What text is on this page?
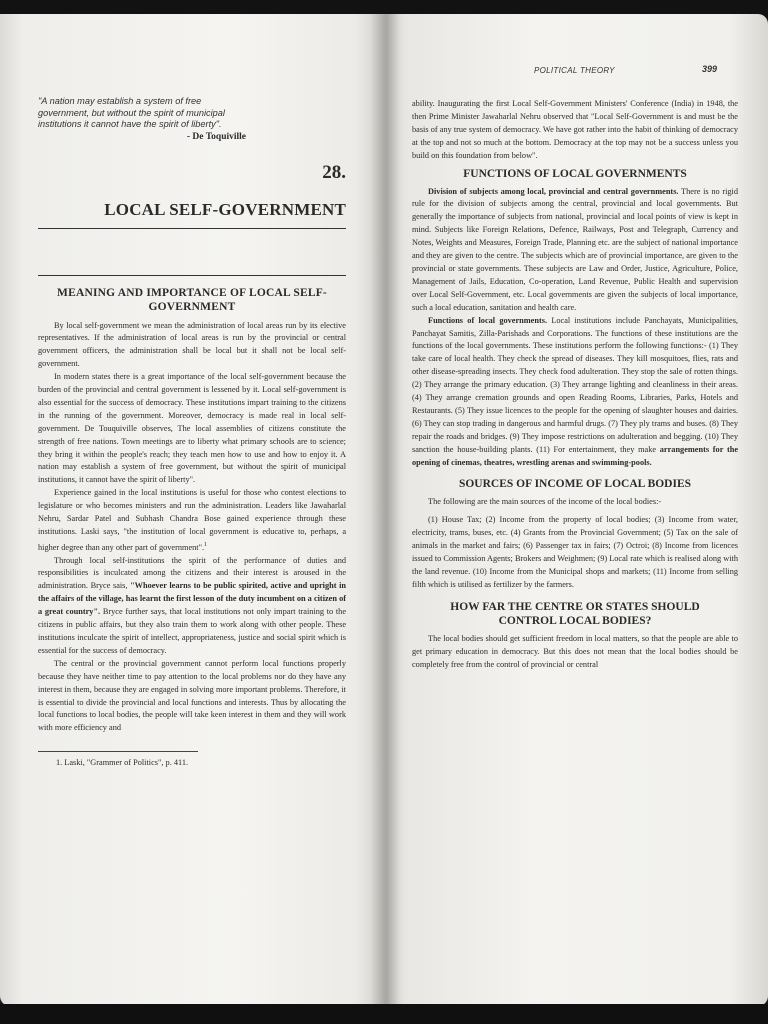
"A nation may establish a system of free government, but without the spirit of municipal institutions it cannot have the spirit of liberty".
- De Toquiville
28.
LOCAL SELF-GOVERNMENT
MEANING AND IMPORTANCE OF LOCAL SELF-GOVERNMENT

By local self-government we mean the administration of local areas run by its elective representatives. If the administration of local areas is run by the provincial or central government officers, the administration shall be local but it shall not be local self-government.

In modern states there is a great importance of the local self-government because the burden of the provincial and central government is lessened by it. Local self-government is also essential for the success of democracy. These institutions impart training to the citizens in the running of the government. Moreover, democracy is made real in local self-government. De Touquiville observes, The local assemblies of citizens constitute the strength of free nations. Town meetings are to liberty what primary schools are to science; they bring it within the people's reach; they teach men how to use and how to enjoy it. A nation may establish a system of free government, but without the spirit of municipal institutions, it cannot have the spirit of liberty".

Experience gained in the local institutions is useful for those who contest elections to legislature or who becomes ministers and run the administration. Leaders like Jawaharlal Nehru, Sardar Patel and Subhash Chandra Bose gained experience through these institutions. Laski says, "the institution of local government is educative to, perhaps, a higher degree than any other part of government".$^1$

Through local self-institutions the spirit of the performance of duties and responsibilities is inculcated among the citizens and their interest is aroused in the administration. Bryce sais, "Whoever learns to be public spirited, active and upright in the affairs of the village, has learnt the first lesson of the duty incumbent on a citizen of a great country". Bryce further says, that local institutions not only impart training to the citizens in public affairs, but they also train them to work along with other people. These institutions inculcate the spirit of intellect, appropriateness, justice and social spirit which is essential for the success of democracy.

The central or the provincial government cannot perform local functions properly because they have neither time to pay attention to the local problems nor do they have any interest in them, because they are engaged in solving more important problems. Therefore, it is essential to divide the provincial and local functions and interests. Thus by allocating the local functions to local bodies, the people will take keen interest in them and they will work with more efficiency and

1. Laski, "Grammer of Politics", p. 411.
POLITICAL THEORY	399

ability. Inaugurating the first Local Self-Government Ministers' Conference (India) in 1948, the then Prime Minister Jawaharlal Nehru observed that "Local Self-Government is and must be the basis of any true system of democracy. We have got rather into the habit of thinking of democracy at the top and not so much at the bottom. Democracy at the top may not be a success unless you build on this foundation from below".

FUNCTIONS OF LOCAL GOVERNMENTS

Division of subjects among local, provincial and central governments. There is no rigid rule for the division of subjects among the central, provincial and local governments. But generally the importance of subjects from national, provincial and local points of view is kept in mind. Subjects like Foreign Relations, Defence, Railways, Post and Telegraph, Currency and Notes, Weights and Measures, Foreign Trade, Planning etc. are the subject of national importance and they are given to the centre. The subjects which are of provincial importance, are given to the provincial or state governments. These subjects are Law and Order, Justice, Agriculture, Police, Management of Jails, Education, Co-operation, Land Revenue, Public Health and supervision over Local Self-Government, etc. Local governments are given the subjects of local importance, such a local education, sanitation and health care.

Functions of local governments. Local institutions include Panchayats, Municipalities, Panchayat Samitis, Zilla-Parishads and Corporations. The functions of these institutions are the functions of the local governments. These institutions perform the following functions:- (1) They take care of local health. They check the spread of diseases. They kill mosquitoes, flies, rats and other disease-spreading insects. They check food adulteration. They stop the sale of rotten things. (2) They arrange the primary education. (3) They arrange lighting and cleanliness in their areas. (4) They arrange cremation grounds and open Reading Rooms, Libraries, Parks, Hotels and Restaurants. (5) They issue licences to the people for the opening of slaughter houses and dairies. (6) They can stop trading in dangerous and harmful drugs. (7) They ply trams and buses. (8) They repair the roads and bridges. (9) They impose restrictions on adulteration and begging. (10) They sanction the house-building plants. (11) For entertainment, they make arrangements for the opening of cinemas, theatres, wrestling arenas and swimming-pools.

SOURCES OF INCOME OF LOCAL BODIES

The following are the main sources of the income of the local bodies:-

(1) House Tax; (2) Income from the property of local bodies; (3) Income from water, electricity, trams, buses, etc. (4) Grants from the Provincial Government; (5) Tax on the sale of animals in the market and fairs; (6) Passenger tax in fairs; (7) Octroi; (8) Income from licences issued to Commission Agents; Brokers and Weighmen; (9) Local rate which is realised along with the land revenue. (10) Income from the Municipal shops and markets; (11) Income from selling filth which is utilised as fertilizer by the farmers.

HOW FAR THE CENTRE OR STATES SHOULD CONTROL LOCAL BODIES?

The local bodies should get sufficient freedom in local matters, so that the people are able to get primary education in democracy. But this does not mean that the local bodies should be completely free from the control of provincial or central
